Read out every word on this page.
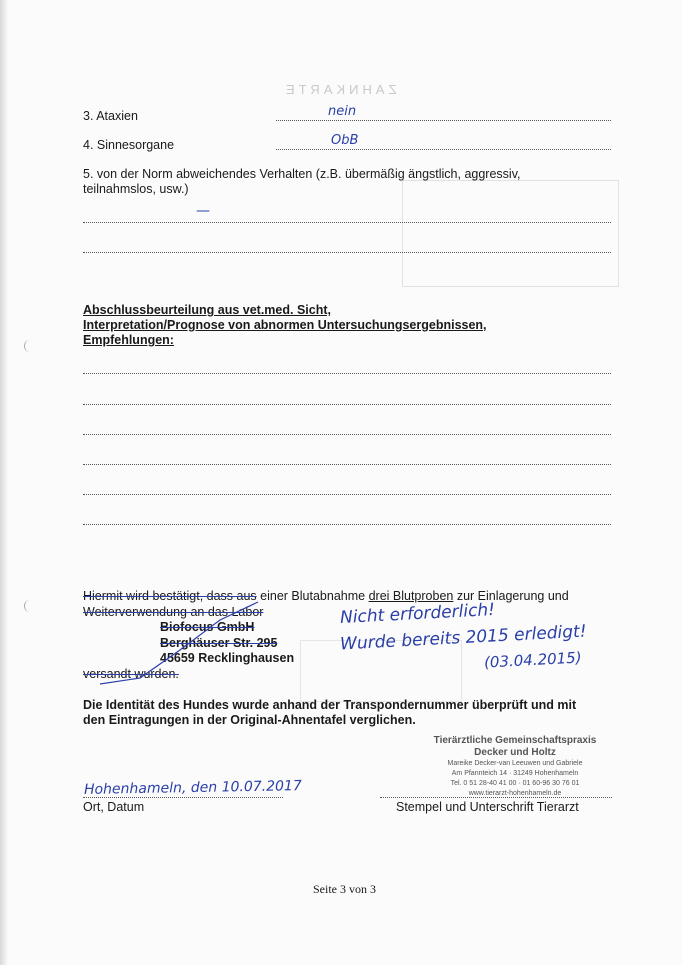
ZAHNKARTE
3. Ataxien	nein
4. Sinnesorgane	ObB
5. von der Norm abweichendes Verhalten (z.B. übermäßig ängstlich, aggressiv,
teilnahmslos, usw.)
—
Abschlussbeurteilung aus vet.med. Sicht,
Interpretation/Prognose von abnormen Untersuchungsergebnissen,
Empfehlungen:
Hiermit wird bestätigt, dass aus einer Blutabnahme drei Blutproben zur Einlagerung und
Weiterverwendung an das Labor
Biofocus GmbH
Berghäuser Str. 295
45659 Recklinghausen
versandt wurden.
Nicht erforderlich!
Wurde bereits 2015 erledigt!
(03.04.2015)
Die Identität des Hundes wurde anhand der Transpondernummer überprüft und mit
den Eintragungen in der Original-Ahnentafel verglichen.
Tierärztliche Gemeinschaftspraxis
Decker und Holtz
Mareike Decker-van Leeuwen und Gabriele
Am Pfannteich 14 · 31249 Hohenhameln
Tel. 0 51 28-40 41 00 · 01 60-96 30 76 01
www.tierarzt-hohenhameln.de
Hohenhameln, den 10.07.2017
Ort, Datum	Stempel und Unterschrift Tierarzt
Seite 3 von 3
